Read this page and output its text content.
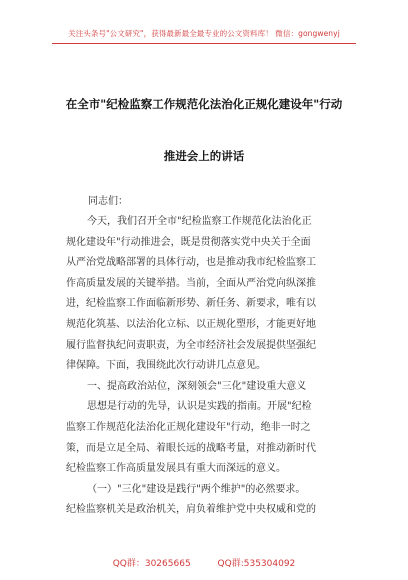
关注头条号"公文研究"，获得最新最全最专业的公文资料库！ 微信：gongwenyj
在全市"纪检监察工作规范化法治化正规化建设年"行动
推进会上的讲话
同志们：
今天，我们召开全市"纪检监察工作规范化法治化正
规化建设年"行动推进会，既是贯彻落实党中央关于全面
从严治党战略部署的具体行动，也是推动我市纪检监察工
作高质量发展的关键举措。当前，全面从严治党向纵深推
进，纪检监察工作面临新形势、新任务、新要求，唯有以
规范化筑基、以法治化立标、以正规化塑形，才能更好地
履行监督执纪问责职责，为全市经济社会发展提供坚强纪
律保障。下面，我围绕此次行动讲几点意见。
一、提高政治站位，深刻领会"三化"建设重大意义
思想是行动的先导，认识是实践的指南。开展"纪检
监察工作规范化法治化正规化建设年"行动，绝非一时之
策，而是立足全局、着眼长远的战略考量，对推动新时代
纪检监察工作高质量发展具有重大而深远的意义。
（一）"三化"建设是践行"两个维护"的必然要求。
纪检监察机关是政治机关，肩负着维护党中央权威和党的
QQ群：30265665	QQ群:535304092
